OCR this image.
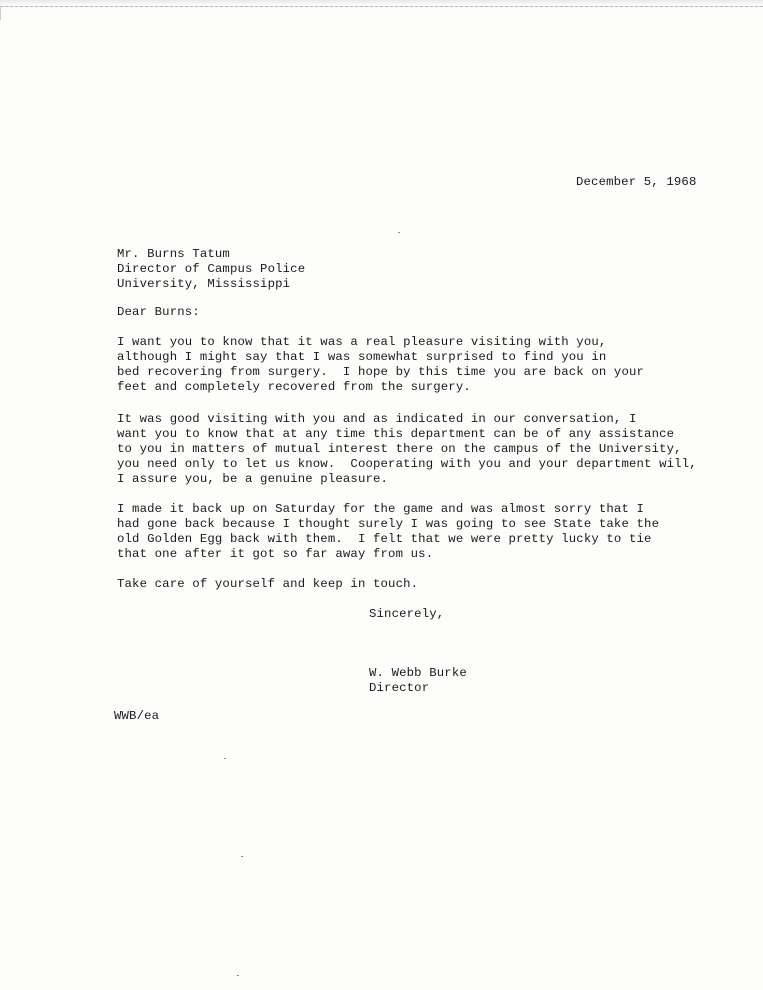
December 5, 1968
Mr. Burns Tatum
Director of Campus Police
University, Mississippi
Dear Burns:
I want you to know that it was a real pleasure visiting with you,
although I might say that I was somewhat surprised to find you in
bed recovering from surgery.  I hope by this time you are back on your
feet and completely recovered from the surgery.
It was good visiting with you and as indicated in our conversation, I
want you to know that at any time this department can be of any assistance
to you in matters of mutual interest there on the campus of the University,
you need only to let us know.  Cooperating with you and your department will,
I assure you, be a genuine pleasure.
I made it back up on Saturday for the game and was almost sorry that I
had gone back because I thought surely I was going to see State take the
old Golden Egg back with them.  I felt that we were pretty lucky to tie
that one after it got so far away from us.
Take care of yourself and keep in touch.
Sincerely,
W. Webb Burke
Director
WWB/ea
